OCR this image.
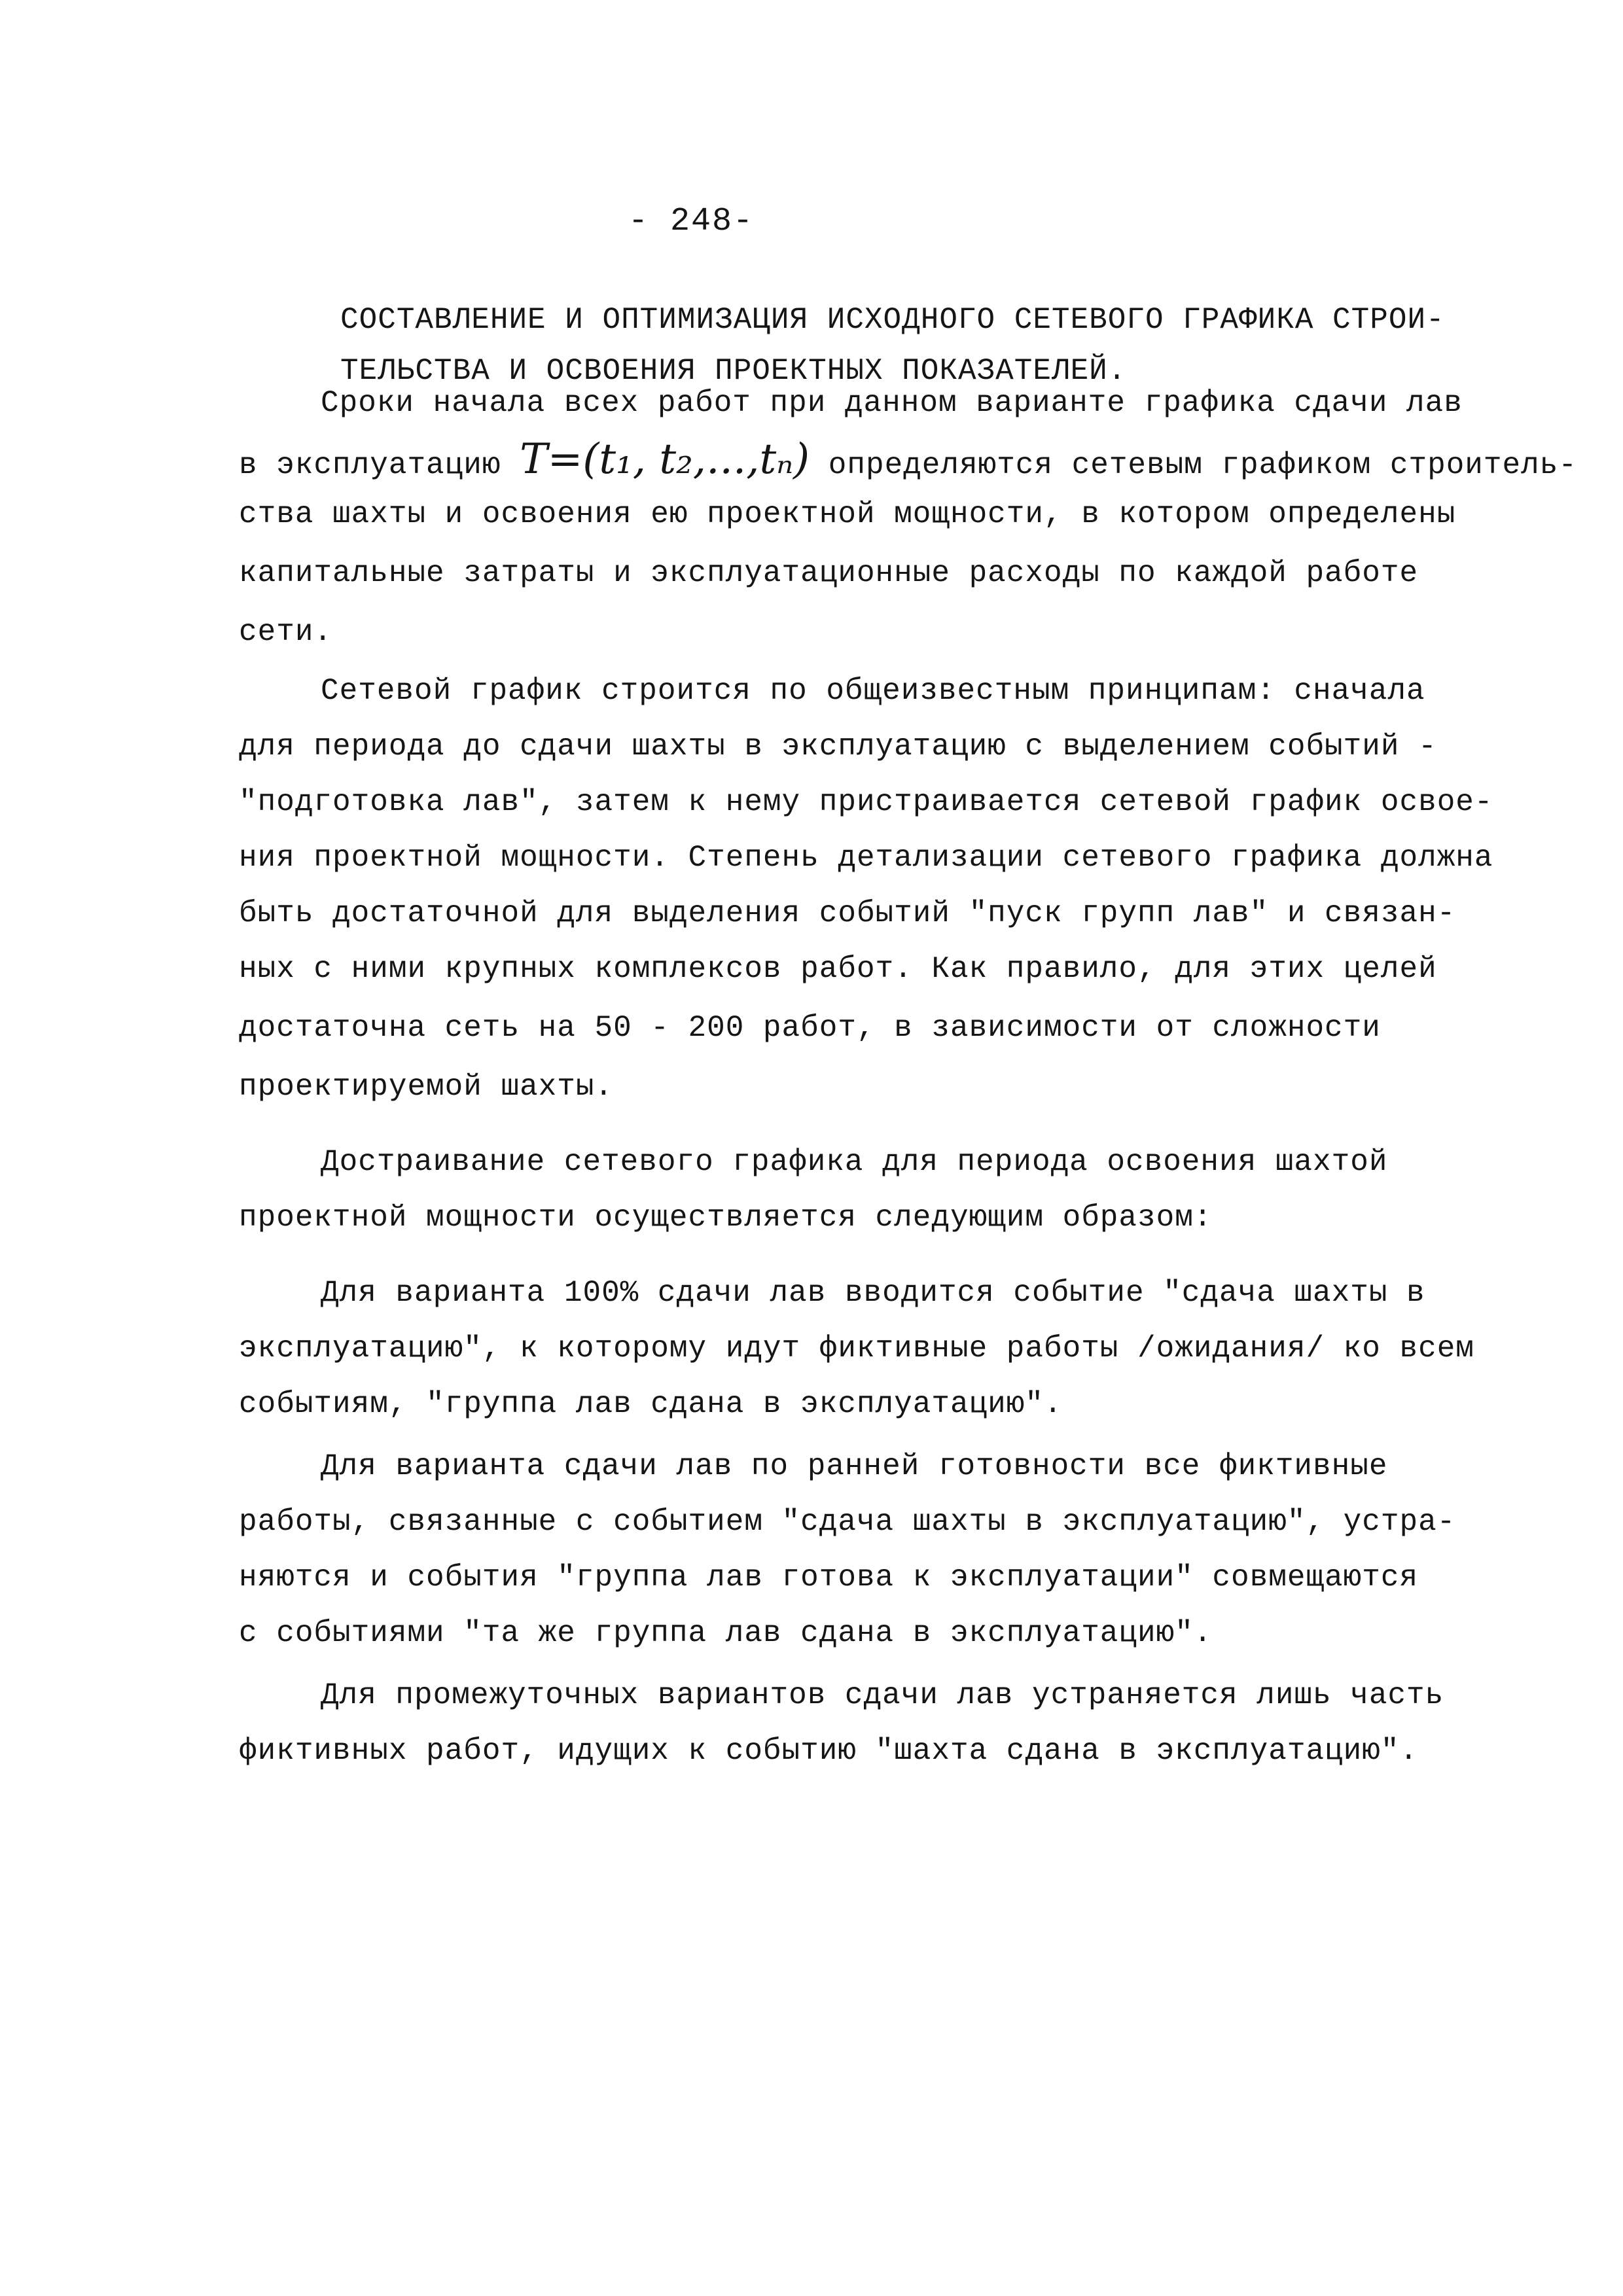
- 248-
СОСТАВЛЕНИЕ И ОПТИМИЗАЦИЯ ИСХОДНОГО СЕТЕВОГО ГРАФИКА СТРОИ-
ТЕЛЬСТВА И ОСВОЕНИЯ ПРОЕКТНЫХ ПОКАЗАТЕЛЕЙ.
Сроки начала всех работ при данном варианте графика сдачи лав
в эксплуатацию T=(t₁, t₂,...,tₙ) определяются сетевым графиком строитель-
ства шахты и освоения ею проектной мощности, в котором определены
капитальные затраты и эксплуатационные расходы по каждой работе
сети.
Сетевой график строится по общеизвестным принципам: сначала
для периода до сдачи шахты в эксплуатацию с выделением событий -
"подготовка лав", затем к нему пристраивается сетевой график освое-
ния проектной мощности. Степень детализации сетевого графика должна
быть достаточной для выделения событий "пуск групп лав" и связан-
ных с ними крупных комплексов работ. Как правило, для этих целей
достаточна сеть на 50 - 200 работ, в зависимости от сложности
проектируемой шахты.
Достраивание сетевого графика для периода освоения шахтой
проектной мощности осуществляется следующим образом:
Для варианта 100% сдачи лав вводится событие "сдача шахты в
эксплуатацию", к которому идут фиктивные работы /ожидания/ ко всем
событиям, "группа лав сдана в эксплуатацию".
Для варианта сдачи лав по ранней готовности все фиктивные
работы, связанные с событием "сдача шахты в эксплуатацию", устра-
няются и события "группа лав готова к эксплуатации" совмещаются
с событиями "та же группа лав сдана в эксплуатацию".
Для промежуточных вариантов сдачи лав устраняется лишь часть
фиктивных работ, идущих к событию "шахта сдана в эксплуатацию".
